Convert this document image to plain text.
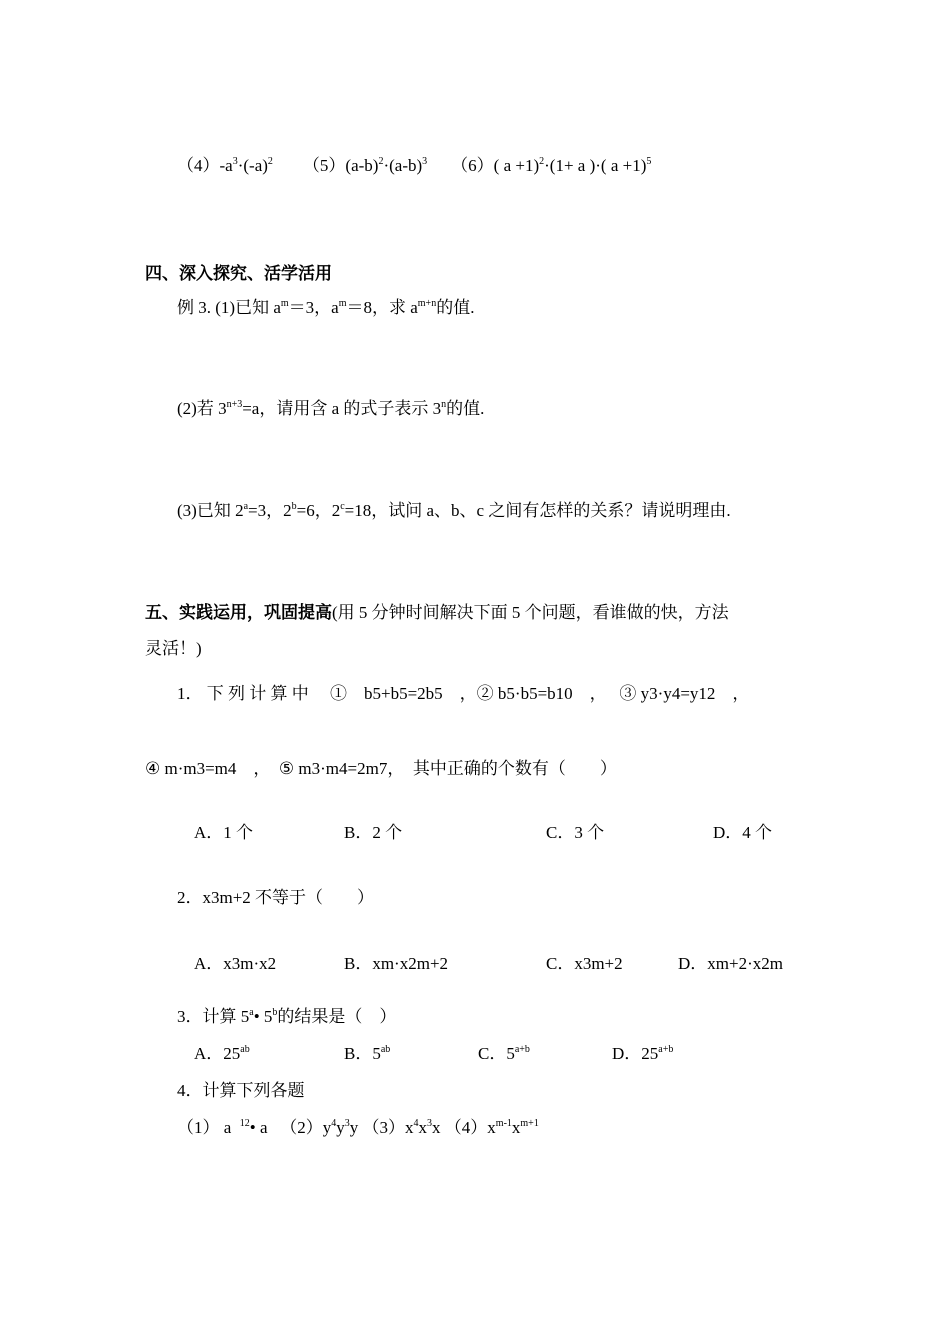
$(4)-a^3\cdot(-a)^2$ $(5)(a-b)^2\cdot(a-b)^3$ （6）( a +1)$^2$·(1+ a )·( a +1)$^5$
四、深入探究、活学活用
例 3. (1)已知 $a^m=3$，$a^m=8$，求 $a^{m+n}$的值.
(2)若 $3^{n+3}=a$，请用含 a 的式子表示 3$^n$的值.
(3)已知 $2^a=3$，$2^b=6$，$2^c=18$，试问 a、b、c 之间有怎样的关系？请说明理由.
五、实践运用，巩固提高(用 5 分钟时间解决下面 5 个问题，看谁做的快，方法
灵活！)
1． 下 列 计 算 中　 ①　b5+b5=2b5　，② b5·b5=b10　，　 ③ y3·y4=y12　，
④ m·m3=m4　，　⑤ m3·m4=2m7，　其中正确的个数有（　　）
A．1 个	B．2 个	C．3 个	D．4 个
2．x3m+2 不等于（　　）
A．x3m·x2	B．xm·x2m+2	C．x3m+2	D．xm+2·x2m
3．计算 5$^a$• 5$^b$的结果是（　）
A．$25^{ab}$	B．$5^{ab}$	C．$5^{a+b}$	D．$25^{a+b}$
4．计算下列各题
（1） a $^{12}$• a $(2)y^4y^3y$ $(3)x^4x^3x$ $(4)x^{m-1}x^{m+1}$
